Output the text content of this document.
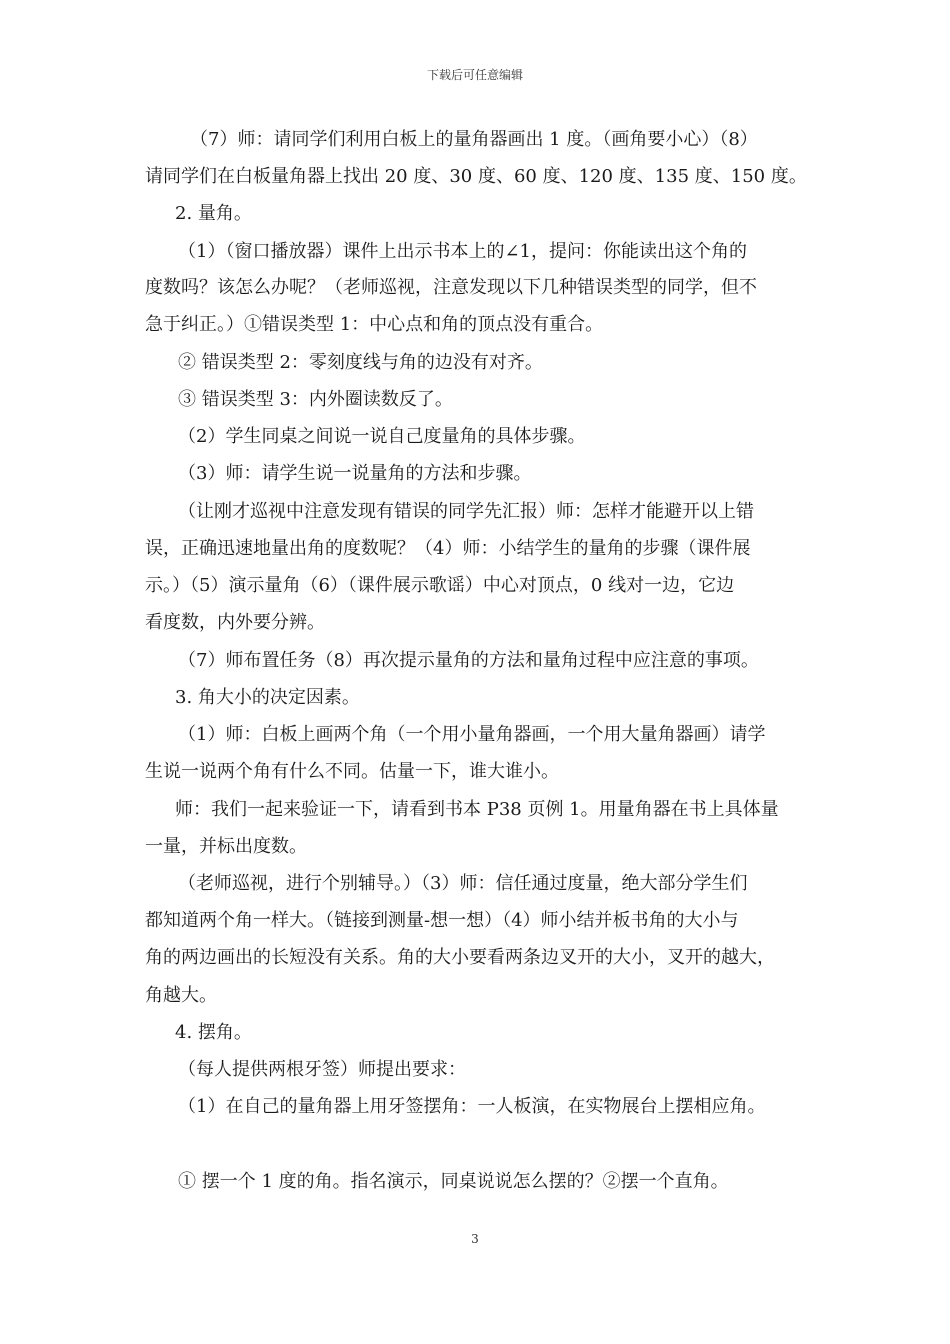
下载后可任意编辑
（7）师：请同学们利用白板上的量角器画出 1 度。（画角要小心）（8）
请同学们在白板量角器上找出 20 度、30 度、60 度、120 度、135 度、150 度。
2. 量角。
（1）（窗口播放器）课件上出示书本上的∠1，提问：你能读出这个角的
度数吗？该怎么办呢？（老师巡视，注意发现以下几种错误类型的同学，但不
急于纠正。）①错误类型 1：中心点和角的顶点没有重合。
② 错误类型 2：零刻度线与角的边没有对齐。
③ 错误类型 3：内外圈读数反了。
（2）学生同桌之间说一说自己度量角的具体步骤。
（3）师：请学生说一说量角的方法和步骤。
（让刚才巡视中注意发现有错误的同学先汇报）师：怎样才能避开以上错
误，正确迅速地量出角的度数呢？（4）师：小结学生的量角的步骤（课件展
示。）（5）演示量角（6）（课件展示歌谣）中心对顶点，0 线对一边，它边
看度数，内外要分辨。
（7）师布置任务（8）再次提示量角的方法和量角过程中应注意的事项。
3. 角大小的决定因素。
（1）师：白板上画两个角（一个用小量角器画，一个用大量角器画）请学
生说一说两个角有什么不同。估量一下，谁大谁小。
师：我们一起来验证一下，请看到书本 P38 页例 1。用量角器在书上具体量
一量，并标出度数。
（老师巡视，进行个别辅导。）（3）师：信任通过度量，绝大部分学生们
都知道两个角一样大。（链接到测量-想一想）（4）师小结并板书角的大小与
角的两边画出的长短没有关系。角的大小要看两条边叉开的大小，叉开的越大，
角越大。
4. 摆角。
（每人提供两根牙签）师提出要求：
（1）在自己的量角器上用牙签摆角：一人板演，在实物展台上摆相应角。
① 摆一个 1 度的角。指名演示，同桌说说怎么摆的？②摆一个直角。
3
